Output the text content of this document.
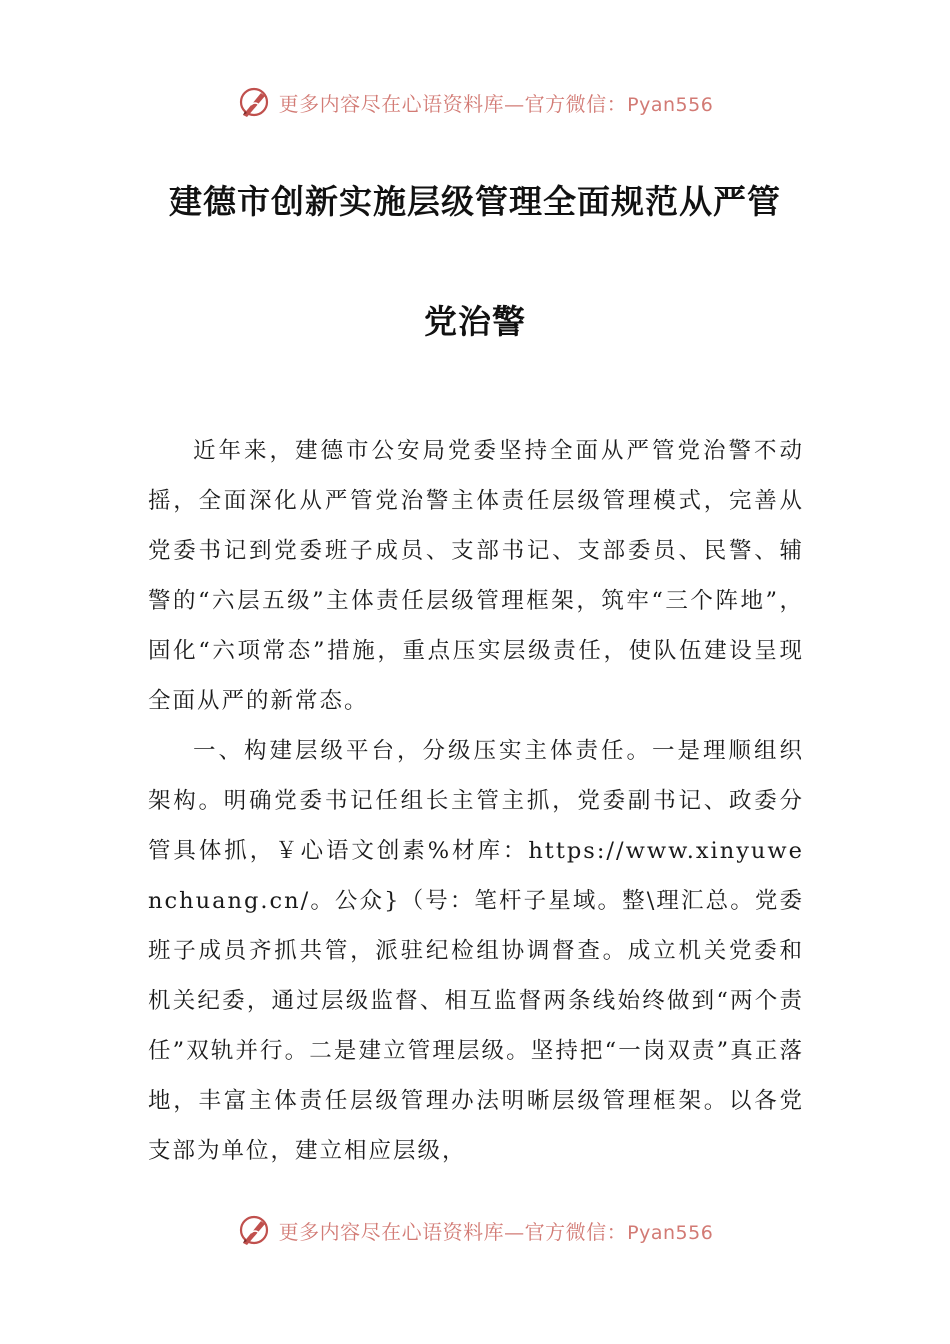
更多内容尽在心语资料库—官方微信：Pyan556
建德市创新实施层级管理全面规范从严管
党治警

近年来，建德市公安局党委坚持全面从严管党治警不动摇，全面深化从严管党治警主体责任层级管理模式，完善从党委书记到党委班子成员、支部书记、支部委员、民警、辅警的“六层五级”主体责任层级管理框架，筑牢“三个阵地”，固化“六项常态”措施，重点压实层级责任，使队伍建设呈现全面从严的新常态。

一、构建层级平台，分级压实主体责任。一是理顺组织架构。明确党委书记任组长主管主抓，党委副书记、政委分管具体抓，￥心语文创素%材库：https://www.xinyuwenchuang.cn/。公众}（号：笔杆子星域。整\理汇总。党委班子成员齐抓共管，派驻纪检组协调督查。成立机关党委和机关纪委，通过层级监督、相互监督两条线始终做到“两个责任”双轨并行。二是建立管理层级。坚持把“一岗双责”真正落地，丰富主体责任层级管理办法明晰层级管理框架。以各党支部为单位，建立相应层级，

更多内容尽在心语资料库—官方微信：Pyan556
